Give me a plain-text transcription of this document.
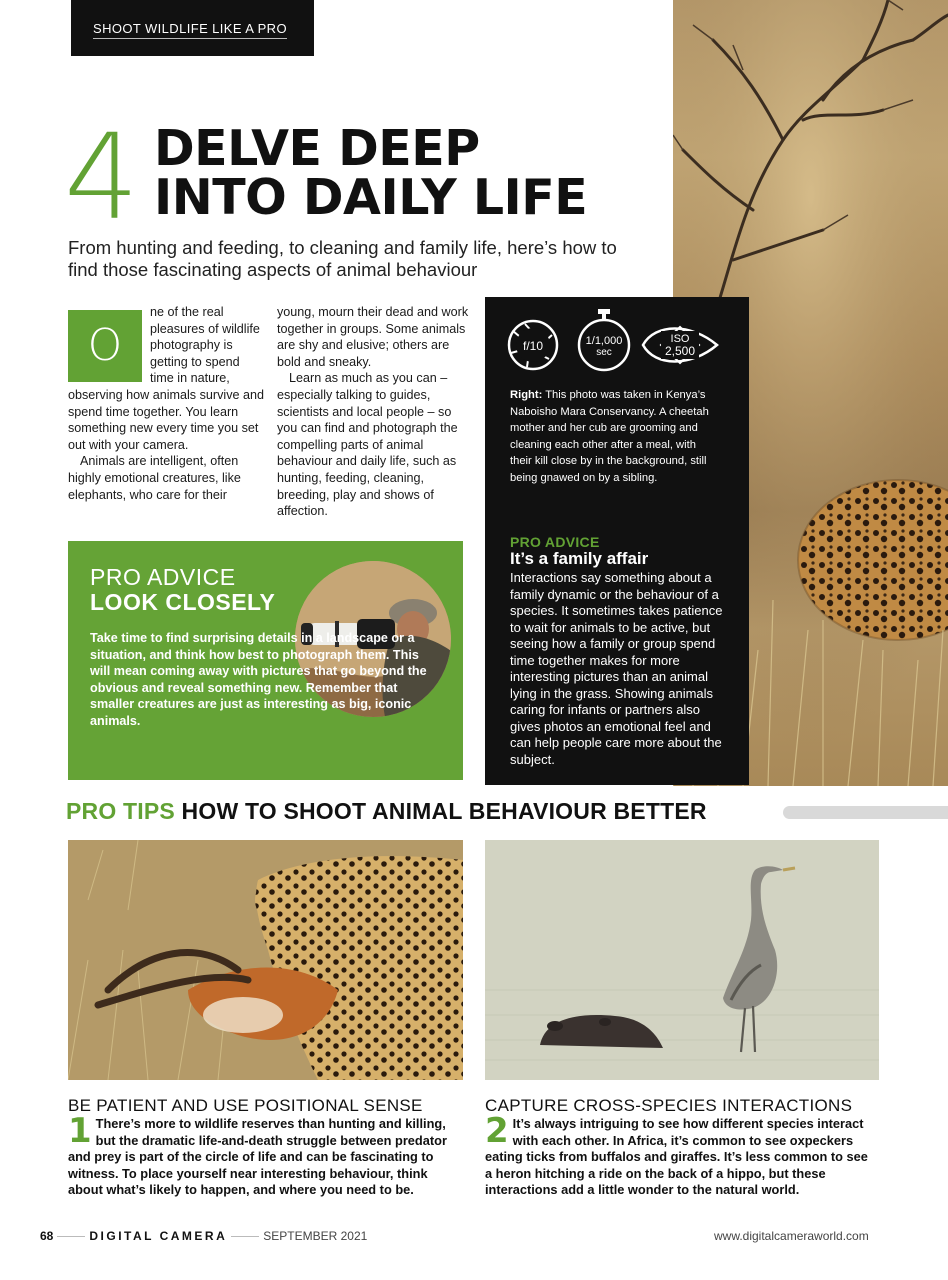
SHOOT WILDLIFE LIKE A PRO
4 DELVE DEEP
INTO DAILY LIFE
From hunting and feeding, to cleaning and family life, here’s how to find those fascinating aspects of animal behaviour
O

ne of the real pleasures of wildlife photography is getting to spend time in nature, observing how animals survive and spend time together. You learn something new every time you set out with your camera.

Animals are intelligent, often highly emotional creatures, like elephants, who care for their

young, mourn their dead and work together in groups. Some animals are shy and elusive; others are bold and sneaky.

Learn as much as you can – especially talking to guides, scientists and local people – so you can find and photograph the compelling parts of animal behaviour and daily life, such as hunting, feeding, cleaning, breeding, play and shows of affection.

PRO ADVICE
LOOK CLOSELY
Take time to find surprising details in a landscape or a situation, and think how best to photograph them. This will mean coming away with pictures that go beyond the obvious and reveal something new. Remember that smaller creatures are just as interesting as big, iconic animals.
f/10	1/1,000
sec
ISO
2,500
Right: This photo was taken in Kenya’s Naboisho Mara Conservancy. A cheetah mother and her cub are grooming and cleaning each other after a meal, with their kill close by in the background, still being gnawed on by a sibling.
PRO ADVICE
It’s a family affair
Interactions say something about a family dynamic or the behaviour of a species. It sometimes takes patience to wait for animals to be active, but seeing how a family or group spend time together makes for more interesting pictures than an animal lying in the grass. Showing animals caring for infants or partners also gives photos an emotional feel and can help people care more about the subject.
PRO TIPS HOW TO SHOOT ANIMAL BEHAVIOUR BETTER
BE PATIENT AND USE POSITIONAL SENSE
1 There’s more to wildlife reserves than hunting and killing, but the dramatic life-and-death struggle between predator and prey is part of the circle of life and can be fascinating to witness. To place yourself near interesting behaviour, think about what’s likely to happen, and where you need to be.
CAPTURE CROSS-SPECIES INTERACTIONS
2 It’s always intriguing to see how different species interact with each other. In Africa, it’s common to see oxpeckers eating ticks from buffalos and giraffes. It’s less common to see a heron hitching a ride on the back of a hippo, but these interactions add a little wonder to the natural world.
68	DIGITAL CAMERA	SEPTEMBER 2021	www.digitalcameraworld.com
